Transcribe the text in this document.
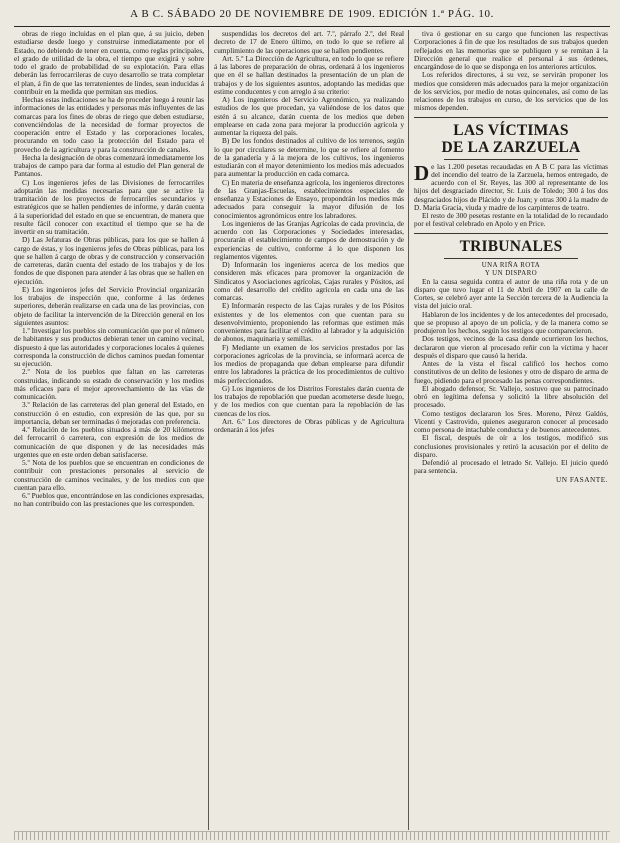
A B C. SÁBADO 20 DE NOVIEMBRE DE 1909. EDICIÓN 1.ª PÁG. 10.

obras de riego incluidas en el plan que, á su juicio, deben estudiarse desde luego y construirse inmediatamente por el Estado, no debiendo de tener en cuenta, como reglas principales, el grado de utilidad de la obra, el tiempo que exigirá y sobre todo el grado de probabilidad de su explotación. Para ellas deberán las ferrocarrileras de cuyo desarrollo se trata completar el plan, á fin de que las terratenientes de lindes, sean inducidas á contribuir en la medida que permitan sus medios.

Hechas estas indicaciones se ha de proceder luego á reunir las informaciones de las entidades y personas más influyentes de las comarcas para los fines de obras de riego que deben estudiarse, convenciéndolas de la necesidad de formar proyectos de cooperación entre el Estado y las corporaciones locales, procurando en todo caso la protección del Estado para el provecho de la agricultura y para la construcción de canales.

Hecha la designación de obras comenzará inmediatamente los trabajos de campo para dar forma al estudio del Plan general de Pantanos.

C) Los ingenieros jefes de las Divisiones de ferrocarriles adoptarán las medidas necesarias para que se active la tramitación de los proyectos de ferrocarriles secundarios y estratégicos que se hallen pendientes de informe, y darán cuenta á la superioridad del estado en que se encuentran, de manera que resulte fácil conocer con exactitud el tiempo que se ha de invertir en su tramitación.

D) Las Jefaturas de Obras públicas, para los que se hallen á cargo de éstas, y los ingenieros jefes de Obras públicas, para los que se hallen á cargo de obras y de construcción y conservación de carreteras, darán cuenta del estado de los trabajos y de los fondos de que disponen para atender á las obras que se hallen en ejecución.

E) Los ingenieros jefes del Servicio Provincial organizarán los trabajos de inspección que, conforme á las órdenes superiores, deberán realizarse en cada una de las provincias, con objeto de facilitar la intervención de la Dirección general en los siguientes asuntos:

1.º Investigar los pueblos sin comunicación que por el número de habitantes y sus productos debieran tener un camino vecinal, dispuesto á que las autoridades y corporaciones locales á quienes corresponda la construcción de dichos caminos puedan fomentar su ejecución.

2.º Nota de los pueblos que faltan en las carreteras construidas, indicando su estado de conservación y los medios más eficaces para el mejor aprovechamiento de las vías de comunicación.

3.º Relación de las carreteras del plan general del Estado, en construcción ó en estudio, con expresión de las que, por su importancia, deban ser terminadas ó mejoradas con preferencia.

4.º Relación de los pueblos situados á más de 20 kilómetros del ferrocarril ó carretera, con expresión de los medios de comunicación de que disponen y de las necesidades más urgentes que en este orden deban satisfacerse.

5.º Nota de los pueblos que se encuentran en condiciones de contribuir con prestaciones personales al servicio de construcción de caminos vecinales, y de los medios con que cuentan para ello.

6.º Pueblos que, encontrándose en las condiciones expresadas, no han contribuido con las prestaciones que les corresponden.

suspendidas los decretos del art. 7.º, párrafo 2.º, del Real decreto de 17 de Enero último, en todo lo que se refiere al cumplimiento de las operaciones que se hallen pendientes.

Art. 5.º La Dirección de Agricultura, en todo lo que se refiere á las labores de preparación de obras, ordenará á los ingenieros que en él se hallan destinados la presentación de un plan de trabajos y de los siguientes asuntos, adoptando las medidas que estime conducentes y con arreglo á su criterio:

A) Los ingenieros del Servicio Agronómico, ya realizando estudios de los que procedan, ya valiéndose de los datos que estén á su alcance, darán cuenta de los medios que deben emplearse en cada zona para mejorar la producción agrícola y aumentar la riqueza del país.

B) De los fondos destinados al cultivo de los terrenos, según lo que por circulares se determine, lo que se refiere al fomento de la ganadería y á la mejora de los cultivos, los ingenieros estudiarán con el mayor detenimiento los medios más adecuados para aumentar la producción en cada comarca.

C) En materia de enseñanza agrícola, los ingenieros directores de las Granjas-Escuelas, establecimientos especiales de enseñanza y Estaciones de Ensayo, propondrán los medios más adecuados para conseguir la mayor difusión de los conocimientos agronómicos entre los labradores.

Los ingenieros de las Granjas Agrícolas de cada provincia, de acuerdo con las Corporaciones y Sociedades interesadas, procurarán el establecimiento de campos de demostración y de experiencias de cultivo, conforme á lo que disponen los reglamentos vigentes.

D) Informarán los ingenieros acerca de los medios que consideren más eficaces para promover la organización de Sindicatos y Asociaciones agrícolas, Cajas rurales y Pósitos, así como del desarrollo del crédito agrícola en cada una de las comarcas.

E) Informarán respecto de las Cajas rurales y de los Pósitos existentes y de los elementos con que cuentan para su desenvolvimiento, proponiendo las reformas que estimen más convenientes para facilitar el crédito al labrador y la adquisición de abonos, maquinaria y semillas.

F) Mediante un examen de los servicios prestados por las corporaciones agrícolas de la provincia, se informará acerca de los medios de propaganda que deban emplearse para difundir entre los labradores la práctica de los procedimientos de cultivo más perfeccionados.

G) Los ingenieros de los Distritos Forestales darán cuenta de los trabajos de repoblación que puedan acometerse desde luego, y de los medios con que cuentan para la repoblación de las cuencas de los ríos.

Art. 6.º Los directores de Obras públicas y de Agricultura ordenarán á los jefes

tiva ó gestionar en su cargo que funcionen las respectivas Corporaciones á fin de que los resultados de sus trabajos queden reflejados en las memorias que se publiquen y se remitan á la Dirección general que realice el personal á sus órdenes, encargándose de lo que se disponga en los anteriores artículos.

Los referidos directores, á su vez, se servirán proponer los medios que consideren más adecuados para la mejor organización de los servicios, por medio de notas quincenales, así como de las relaciones de los trabajos en curso, de los servicios que de los mismos dependen.

LAS VÍCTIMAS
DE LA ZARZUELA

De las 1.200 pesetas recaudadas en A B C para las víctimas del incendio del teatro de la Zarzuela, hemos entregado, de acuerdo con el Sr. Reyes, las 300 al representante de los hijos del desgraciado director, Sr. Luis de Toledo; 300 á los dos desgraciados hijos de Plácido y de Juan; y otras 300 á la madre de D. María Gracia, viuda y madre de los carpinteros de teatro.

El resto de 300 pesetas restante en la totalidad de lo recaudado por el festival celebrado en Apolo y en Price.

TRIBUNALES
UNA RIÑA ROTA
Y UN DISPARO

En la causa seguida contra el autor de una riña rota y de un disparo que tuvo lugar el 11 de Abril de 1907 en la calle de Cortes, se celebró ayer ante la Sección tercera de la Audiencia la vista del juicio oral.

Hablaron de los incidentes y de los antecedentes del procesado, que se propuso al apoyo de un policía, y de la manera como se produjeron los hechos, según los testigos que comparecieron.

Dos testigos, vecinos de la casa donde ocurrieron los hechos, declararon que vieron al procesado reñir con la víctima y hacer después el disparo que causó la herida.

Antes de la vista el fiscal calificó los hechos como constitutivos de un delito de lesiones y otro de disparo de arma de fuego, pidiendo para el procesado las penas correspondientes.

El abogado defensor, Sr. Vallejo, sostuvo que su patrocinado obró en legítima defensa y solicitó la libre absolución del procesado.

Como testigos declararon los Sres. Moreno, Pérez Galdós, Vicenti y Castrovido, quienes aseguraron conocer al procesado como persona de intachable conducta y de buenos antecedentes.

El fiscal, después de oír a los testigos, modificó sus conclusiones provisionales y retiró la acusación por el delito de disparo.

Defendió al procesado el letrado Sr. Vallejo. El juicio quedó para sentencia.

UN FASANTE.
